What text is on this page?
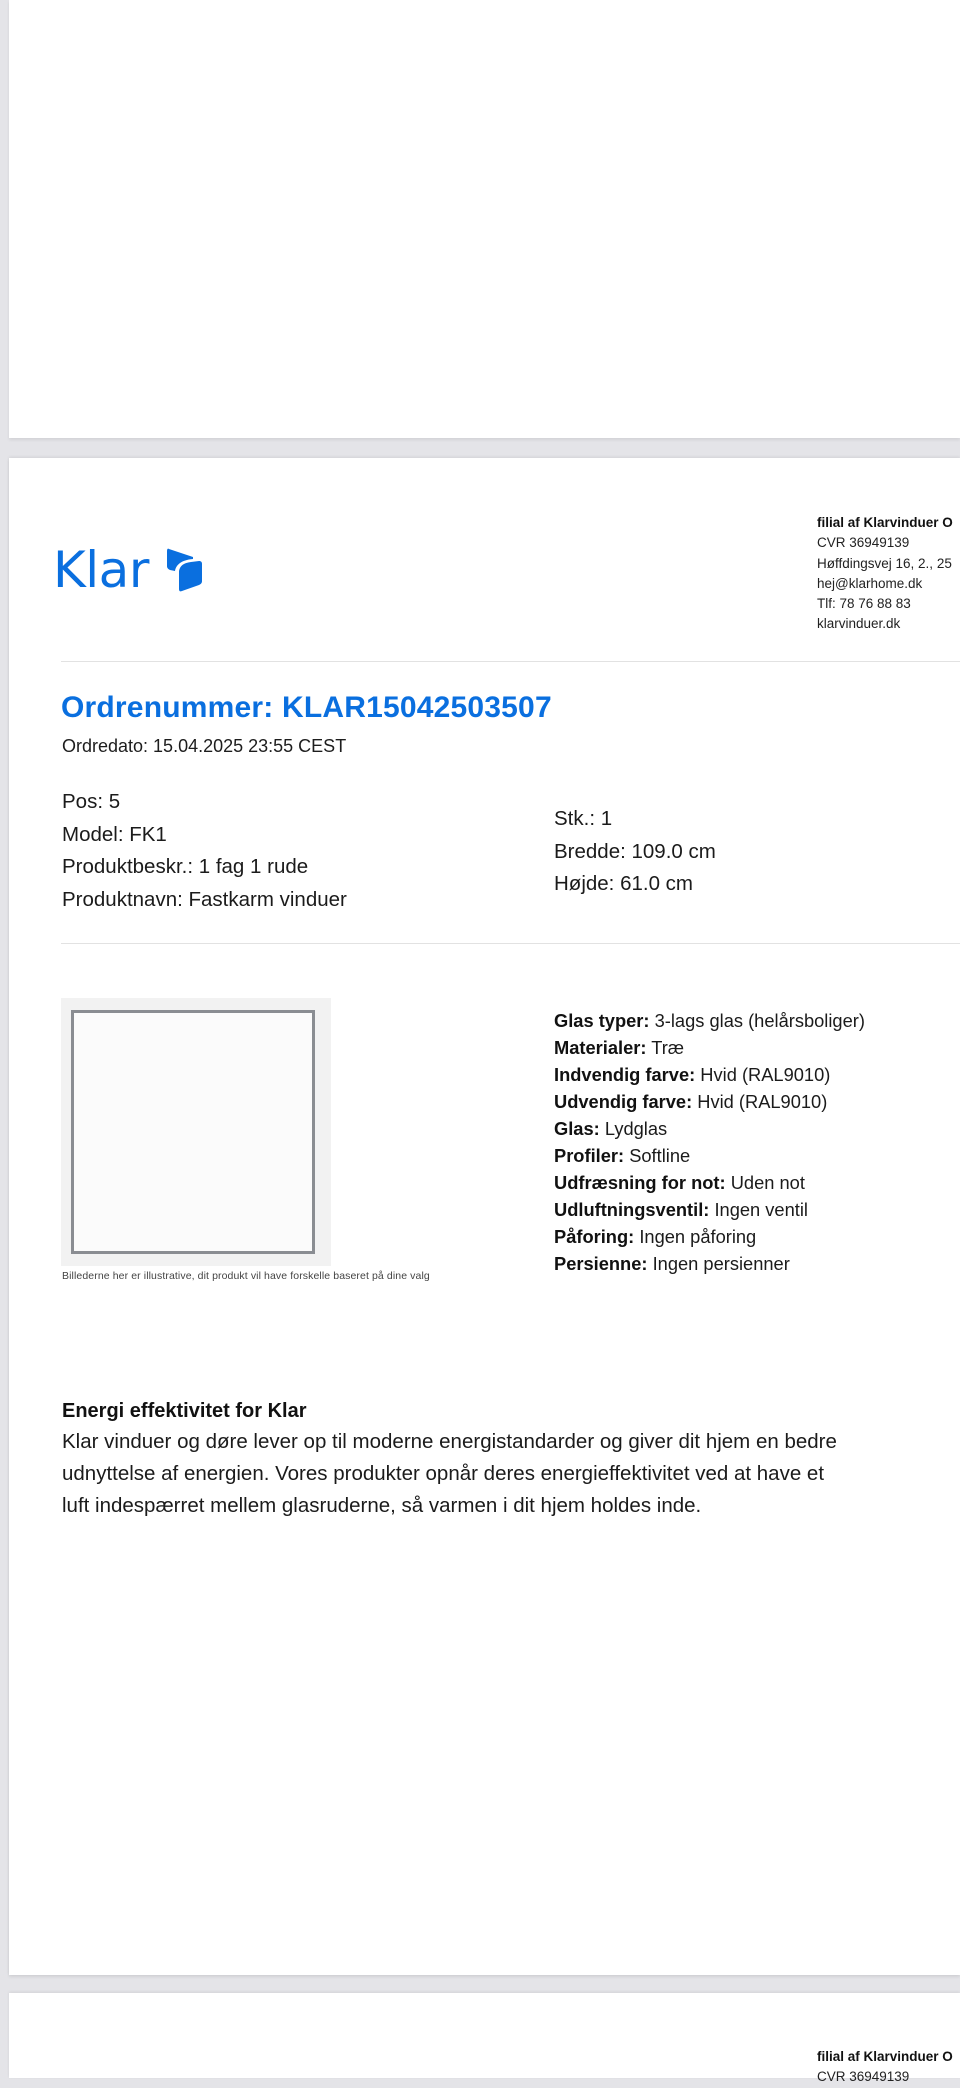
Klar
filial af Klarvinduer O
CVR 36949139
Høffdingsvej 16, 2., 25
hej@klarhome.dk
Tlf: 78 76 88 83
klarvinduer.dk
Ordrenummer: KLAR15042503507
Ordredato: 15.04.2025 23:55 CEST
Pos: 5
Model: FK1
Produktbeskr.: 1 fag 1 rude
Produktnavn: Fastkarm vinduer
Stk.: 1
Bredde: 109.0 cm
Højde: 61.0 cm
Billederne her er illustrative, dit produkt vil have forskelle baseret på dine valg
Glas typer: 3-lags glas (helårsboliger)
Materialer: Træ
Indvendig farve: Hvid (RAL9010)
Udvendig farve: Hvid (RAL9010)
Glas: Lydglas
Profiler: Softline
Udfræsning for not: Uden not
Udluftningsventil: Ingen ventil
Påforing: Ingen påforing
Persienne: Ingen persienner
Energi effektivitet for Klar
Klar vinduer og døre lever op til moderne energistandarder og giver dit hjem en bedre
udnyttelse af energien. Vores produkter opnår deres energieffektivitet ved at have et
luft indespærret mellem glasruderne, så varmen i dit hjem holdes inde.
filial af Klarvinduer O
CVR 36949139
